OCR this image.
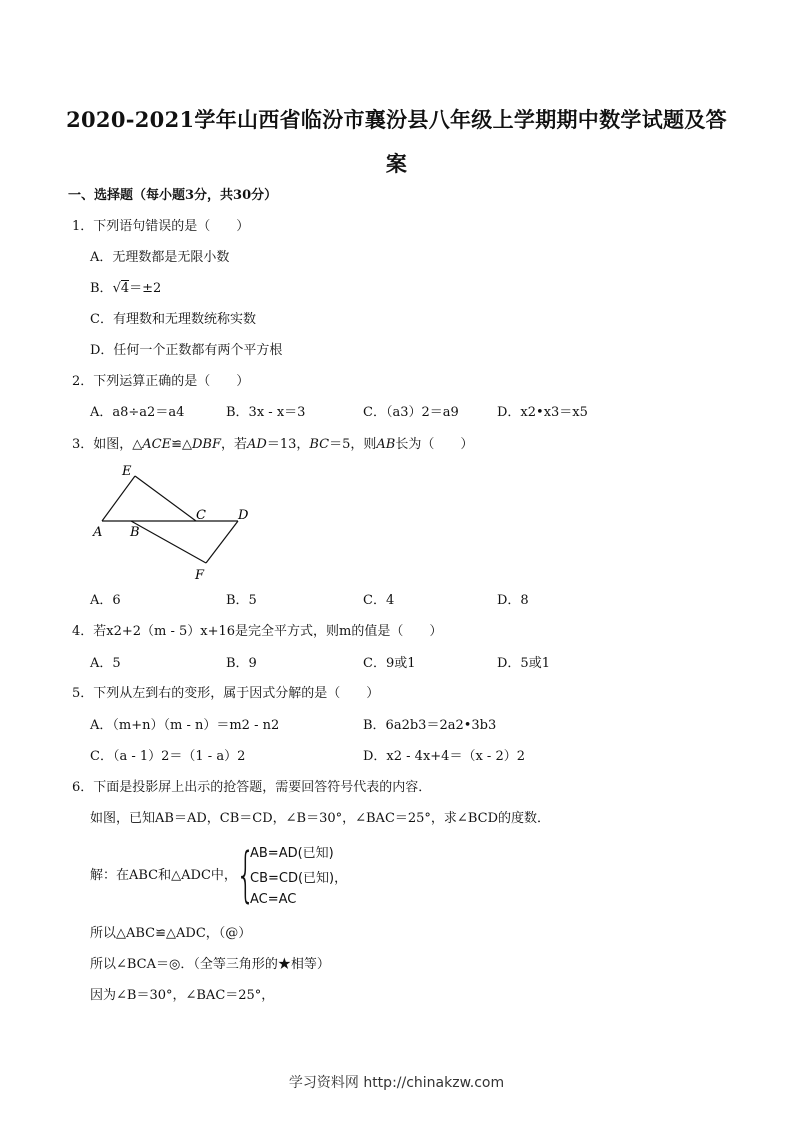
2020-2021学年山西省临汾市襄汾县八年级上学期期中数学试题及答
案
一、选择题（每小题3分，共30分）
1．下列语句错误的是（　　）
A．无理数都是无限小数
B．√4＝±2
C．有理数和无理数统称实数
D．任何一个正数都有两个平方根
2．下列运算正确的是（　　）
A．a8÷a2＝a4	B．3x - x＝3	C．（a3）2＝a9	D．x2•x3＝x5
3．如图，△ACE≌△DBF，若AD＝13，BC＝5，则AB长为（　　）
E
A B
C D
F
A．6	B．5	C．4	D．8
4．若x2+2（m - 5）x+16是完全平方式，则m的值是（　　）
A．5	B．9	C．9或1	D．5或1
5．下列从左到右的变形，属于因式分解的是（　　）
A．（m+n）（m - n）＝m2 - n2	B．6a2b3＝2a2•3b3
C．（a - 1）2＝（1 - a）2	D．x2 - 4x+4＝（x - 2）2
6．下面是投影屏上出示的抢答题，需要回答符号代表的内容．
如图，已知AB＝AD，CB＝CD，∠B＝30°，∠BAC＝25°，求∠BCD的度数．
解：在ABC和△ADC中， {
AB=AD(已知)
CB=CD(已知)，
AC=AC
所以△ABC≌△ADC，（@）
所以∠BCA＝◎．（全等三角形的★相等）
因为∠B＝30°，∠BAC＝25°，
学习资料网 http://chinakzw.com
